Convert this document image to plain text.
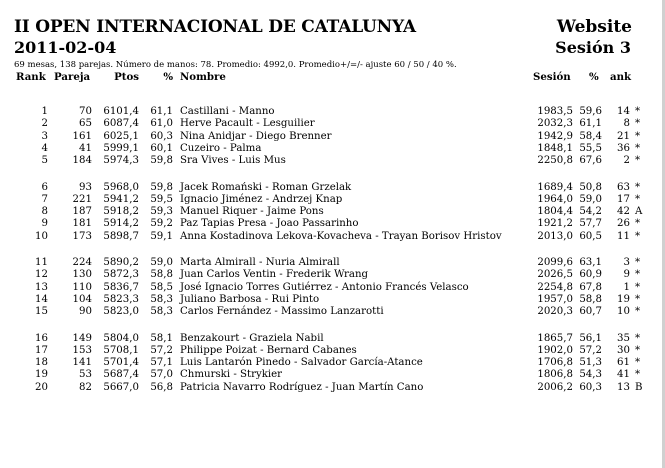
II OPEN INTERNACIONAL DE CATALUNYA
2011-02-04
Website
Sesión 3
69 mesas, 138 parejas. Número de manos: 78. Promedio: 4992,0. Promedio+/=/- ajuste 60 / 50 / 40 %.
Rank Pareja	Ptos	% Nombre	Sesión % ank
1	70	6101,4	61,1 Castillani - Manno	1983,5 59,6	14 *
2	65	6087,4	61,0 Herve Pacault - Lesguilier	2032,3 61,1	8 *
3	161	6025,1	60,3 Nina Anidjar - Diego Brenner	1942,9 58,4	21 *
4	41	5999,1	60,1 Cuzeiro - Palma	1848,1 55,5	36 *
5	184	5974,3	59,8 Sra Vives - Luis Mus	2250,8 67,6	2 *
6	93	5968,0	59,8 Jacek Romański - Roman Grzelak	1689,4 50,8	63 *
7	221	5941,2	59,5 Ignacio Jiménez - Andrzej Knap	1964,0 59,0	17 *
8	187	5918,2	59,3 Manuel Riquer - Jaime Pons	1804,4 54,2	42 A
9	181	5914,2	59,2 Paz Tapias Presa - Joao Passarinho	1921,2 57,7	26 *
10	173	5898,7	59,1 Anna Kostadinova Lekova-Kovacheva - Trayan Borisov Hristov	2013,0 60,5	11 *
11	224	5890,2	59,0 Marta Almirall - Nuria Almirall	2099,6 63,1	3 *
12	130	5872,3	58,8 Juan Carlos Ventin - Frederik Wrang	2026,5 60,9	9 *
13	110	5836,7	58,5 José Ignacio Torres Gutiérrez - Antonio Francés Velasco	2254,8 67,8	1 *
14	104	5823,3	58,3 Juliano Barbosa - Rui Pinto	1957,0 58,8	19 *
15	90	5823,0	58,3 Carlos Fernández - Massimo Lanzarotti	2020,3 60,7	10 *
16	149	5804,0	58,1 Benzakourt - Graziela Nabil	1865,7 56,1	35 *
17	153	5708,1	57,2 Philippe Poizat - Bernard Cabanes	1902,0 57,2	30 *
18	141	5701,4	57,1 Luis Lantarón Pinedo - Salvador García-Atance	1706,8 51,3	61 *
19	53	5687,4	57,0 Chmurski - Strykier	1806,8 54,3	41 *
20	82	5667,0	56,8 Patricia Navarro Rodríguez - Juan Martín Cano	2006,2 60,3	13 B
